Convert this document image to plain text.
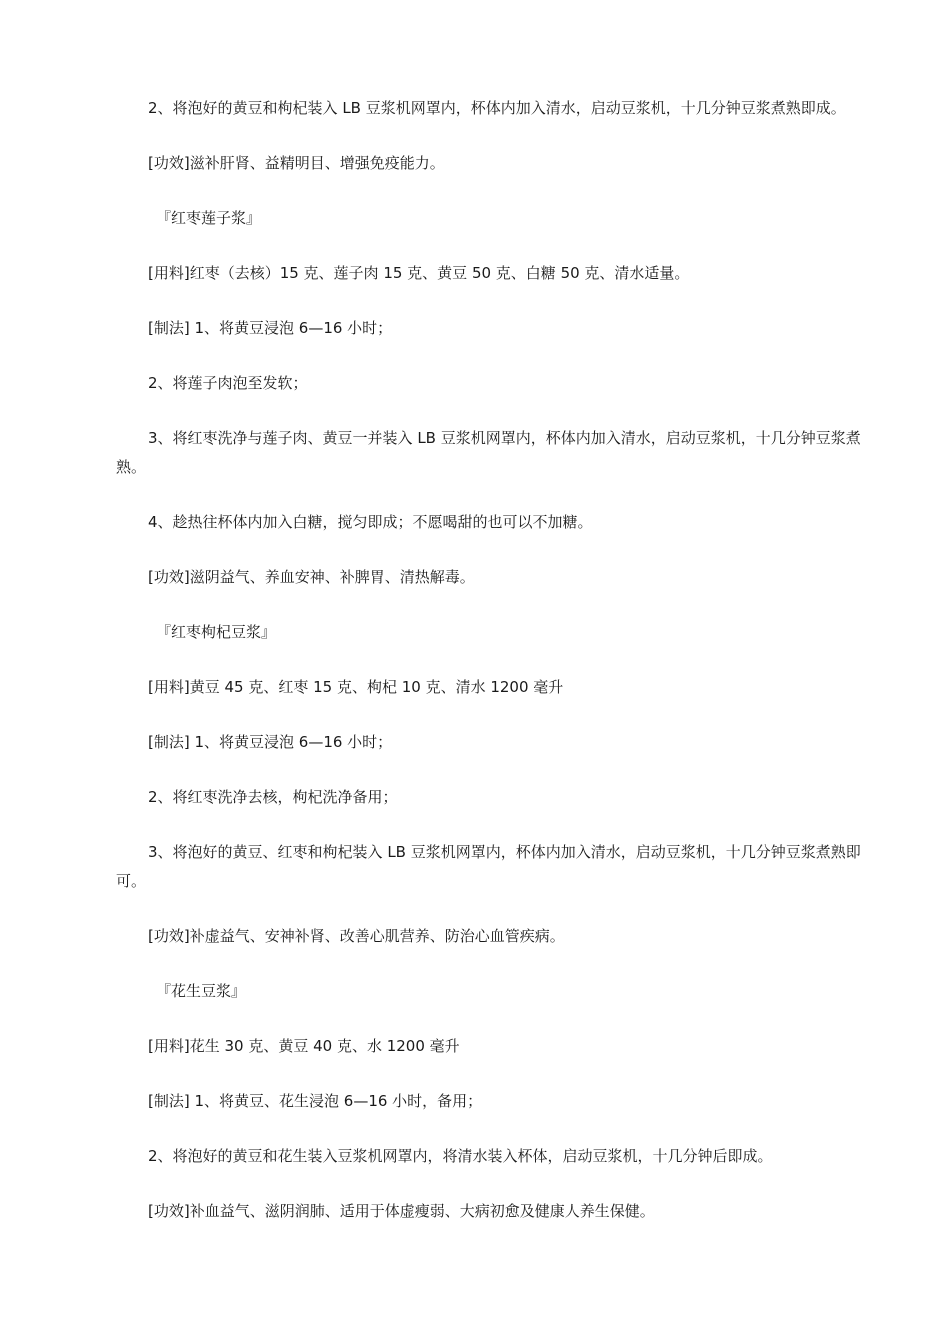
2、将泡好的黄豆和枸杞装入 LB 豆浆机网罩内，杯体内加入清水，启动豆浆机，十几分钟豆浆煮熟即成。

[功效]滋补肝肾、益精明目、增强免疫能力。

『红枣莲子浆』

[用料]红枣（去核）15 克、莲子肉 15 克、黄豆 50 克、白糖 50 克、清水适量。

[制法] 1、将黄豆浸泡 6—16 小时；

2、将莲子肉泡至发软；

3、将红枣洗净与莲子肉、黄豆一并装入 LB 豆浆机网罩内，杯体内加入清水，启动豆浆机，十几分钟豆浆煮熟。

4、趁热往杯体内加入白糖，搅匀即成；不愿喝甜的也可以不加糖。

[功效]滋阴益气、养血安神、补脾胃、清热解毒。

『红枣枸杞豆浆』

[用料]黄豆 45 克、红枣 15 克、枸杞 10 克、清水 1200 毫升

[制法] 1、将黄豆浸泡 6—16 小时；

2、将红枣洗净去核，枸杞洗净备用；

3、将泡好的黄豆、红枣和枸杞装入 LB 豆浆机网罩内，杯体内加入清水，启动豆浆机，十几分钟豆浆煮熟即可。

[功效]补虚益气、安神补肾、改善心肌营养、防治心血管疾病。

『花生豆浆』

[用料]花生 30 克、黄豆 40 克、水 1200 毫升

[制法] 1、将黄豆、花生浸泡 6—16 小时，备用；

2、将泡好的黄豆和花生装入豆浆机网罩内，将清水装入杯体，启动豆浆机，十几分钟后即成。

[功效]补血益气、滋阴润肺、适用于体虚瘦弱、大病初愈及健康人养生保健。
